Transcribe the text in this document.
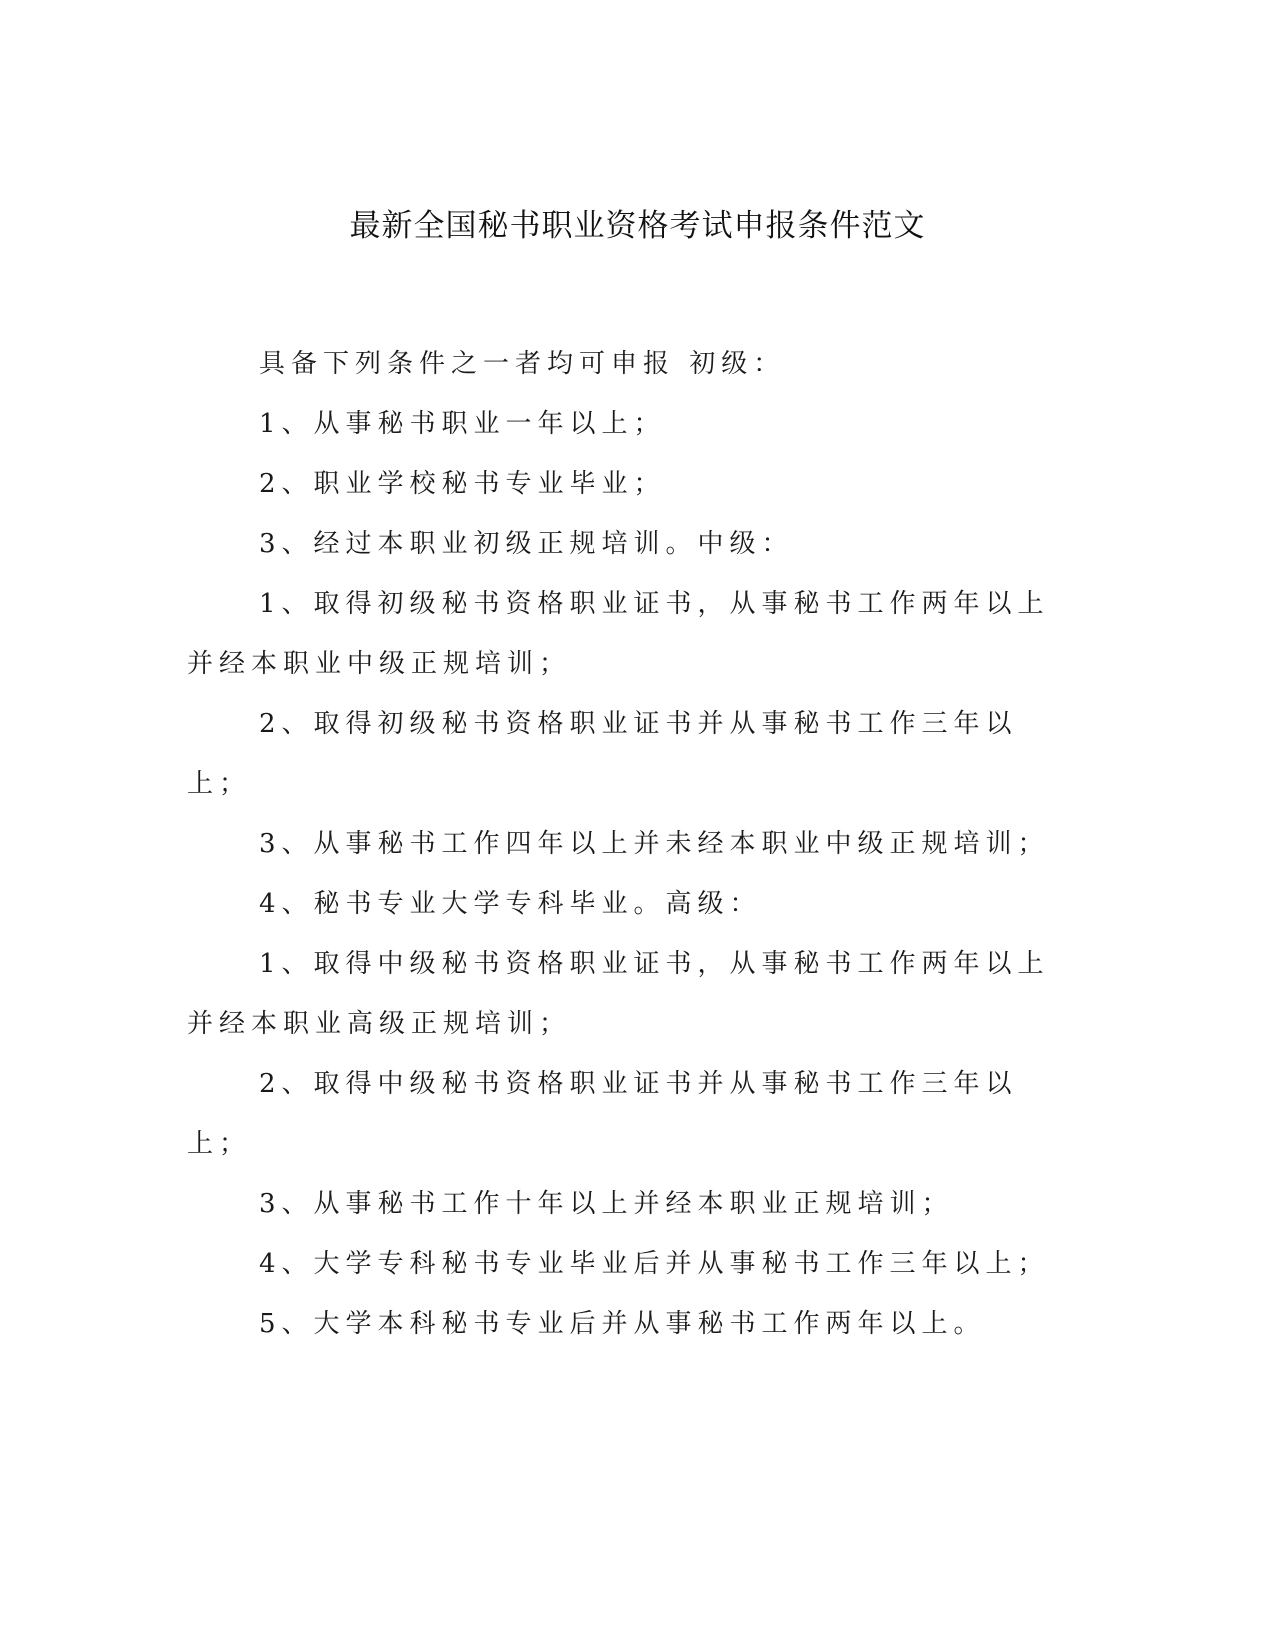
最新全国秘书职业资格考试申报条件范文

具备下列条件之一者均可申报 初级：

1、从事秘书职业一年以上；

2、职业学校秘书专业毕业；

3、经过本职业初级正规培训。中级：

1、取得初级秘书资格职业证书，从事秘书工作两年以上并经本职业中级正规培训；

2、取得初级秘书资格职业证书并从事秘书工作三年以上；

3、从事秘书工作四年以上并未经本职业中级正规培训；

4、秘书专业大学专科毕业。高级：

1、取得中级秘书资格职业证书，从事秘书工作两年以上并经本职业高级正规培训；

2、取得中级秘书资格职业证书并从事秘书工作三年以上；

3、从事秘书工作十年以上并经本职业正规培训；

4、大学专科秘书专业毕业后并从事秘书工作三年以上；

5、大学本科秘书专业后并从事秘书工作两年以上。
